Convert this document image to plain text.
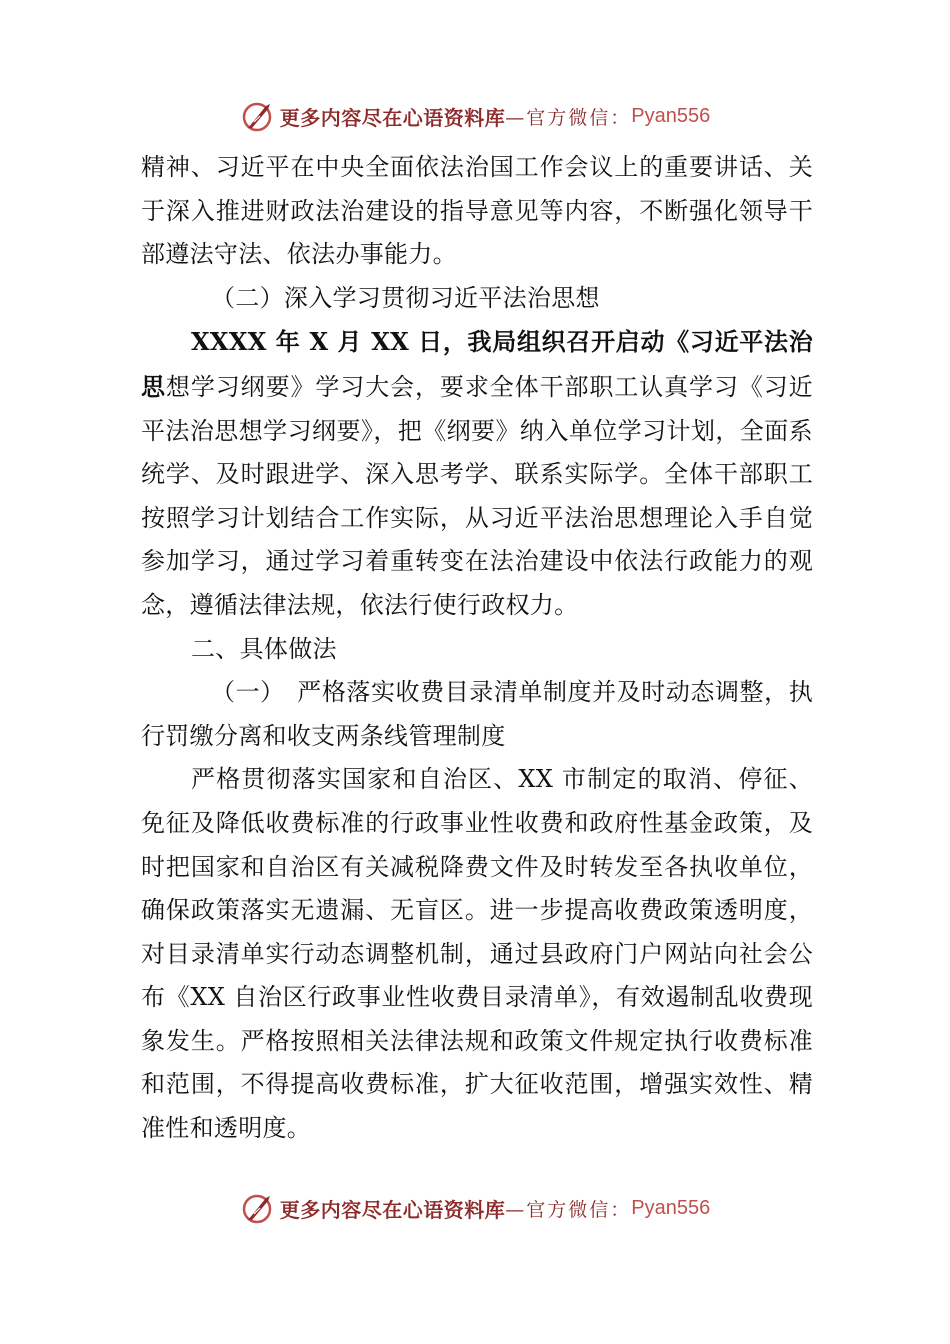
更多内容尽在心语资料库 —官方微信： Pyan556

精神、习近平在中央全面依法治国工作会议上的重要讲话、关于深入推进财政法治建设的指导意见等内容，不断强化领导干部遵法守法、依法办事能力。

（二）深入学习贯彻习近平法治思想

XXXX 年 X 月 XX 日，我局组织召开启动《习近平法治思想学习纲要》学习大会，要求全体干部职工认真学习《习近平法治思想学习纲要》，把《纲要》纳入单位学习计划，全面系统学、及时跟进学、深入思考学、联系实际学。全体干部职工按照学习计划结合工作实际，从习近平法治思想理论入手自觉参加学习，通过学习着重转变在法治建设中依法行政能力的观念，遵循法律法规，依法行使行政权力。

二、具体做法

（一）　严格落实收费目录清单制度并及时动态调整，执行罚缴分离和收支两条线管理制度

严格贯彻落实国家和自治区、XX 市制定的取消、停征、免征及降低收费标准的行政事业性收费和政府性基金政策，及时把国家和自治区有关减税降费文件及时转发至各执收单位，确保政策落实无遗漏、无盲区。进一步提高收费政策透明度，对目录清单实行动态调整机制，通过县政府门户网站向社会公布《XX 自治区行政事业性收费目录清单》，有效遏制乱收费现象发生。严格按照相关法律法规和政策文件规定执行收费标准和范围，不得提高收费标准，扩大征收范围，增强实效性、精准性和透明度。

更多内容尽在心语资料库 —官方微信： Pyan556
